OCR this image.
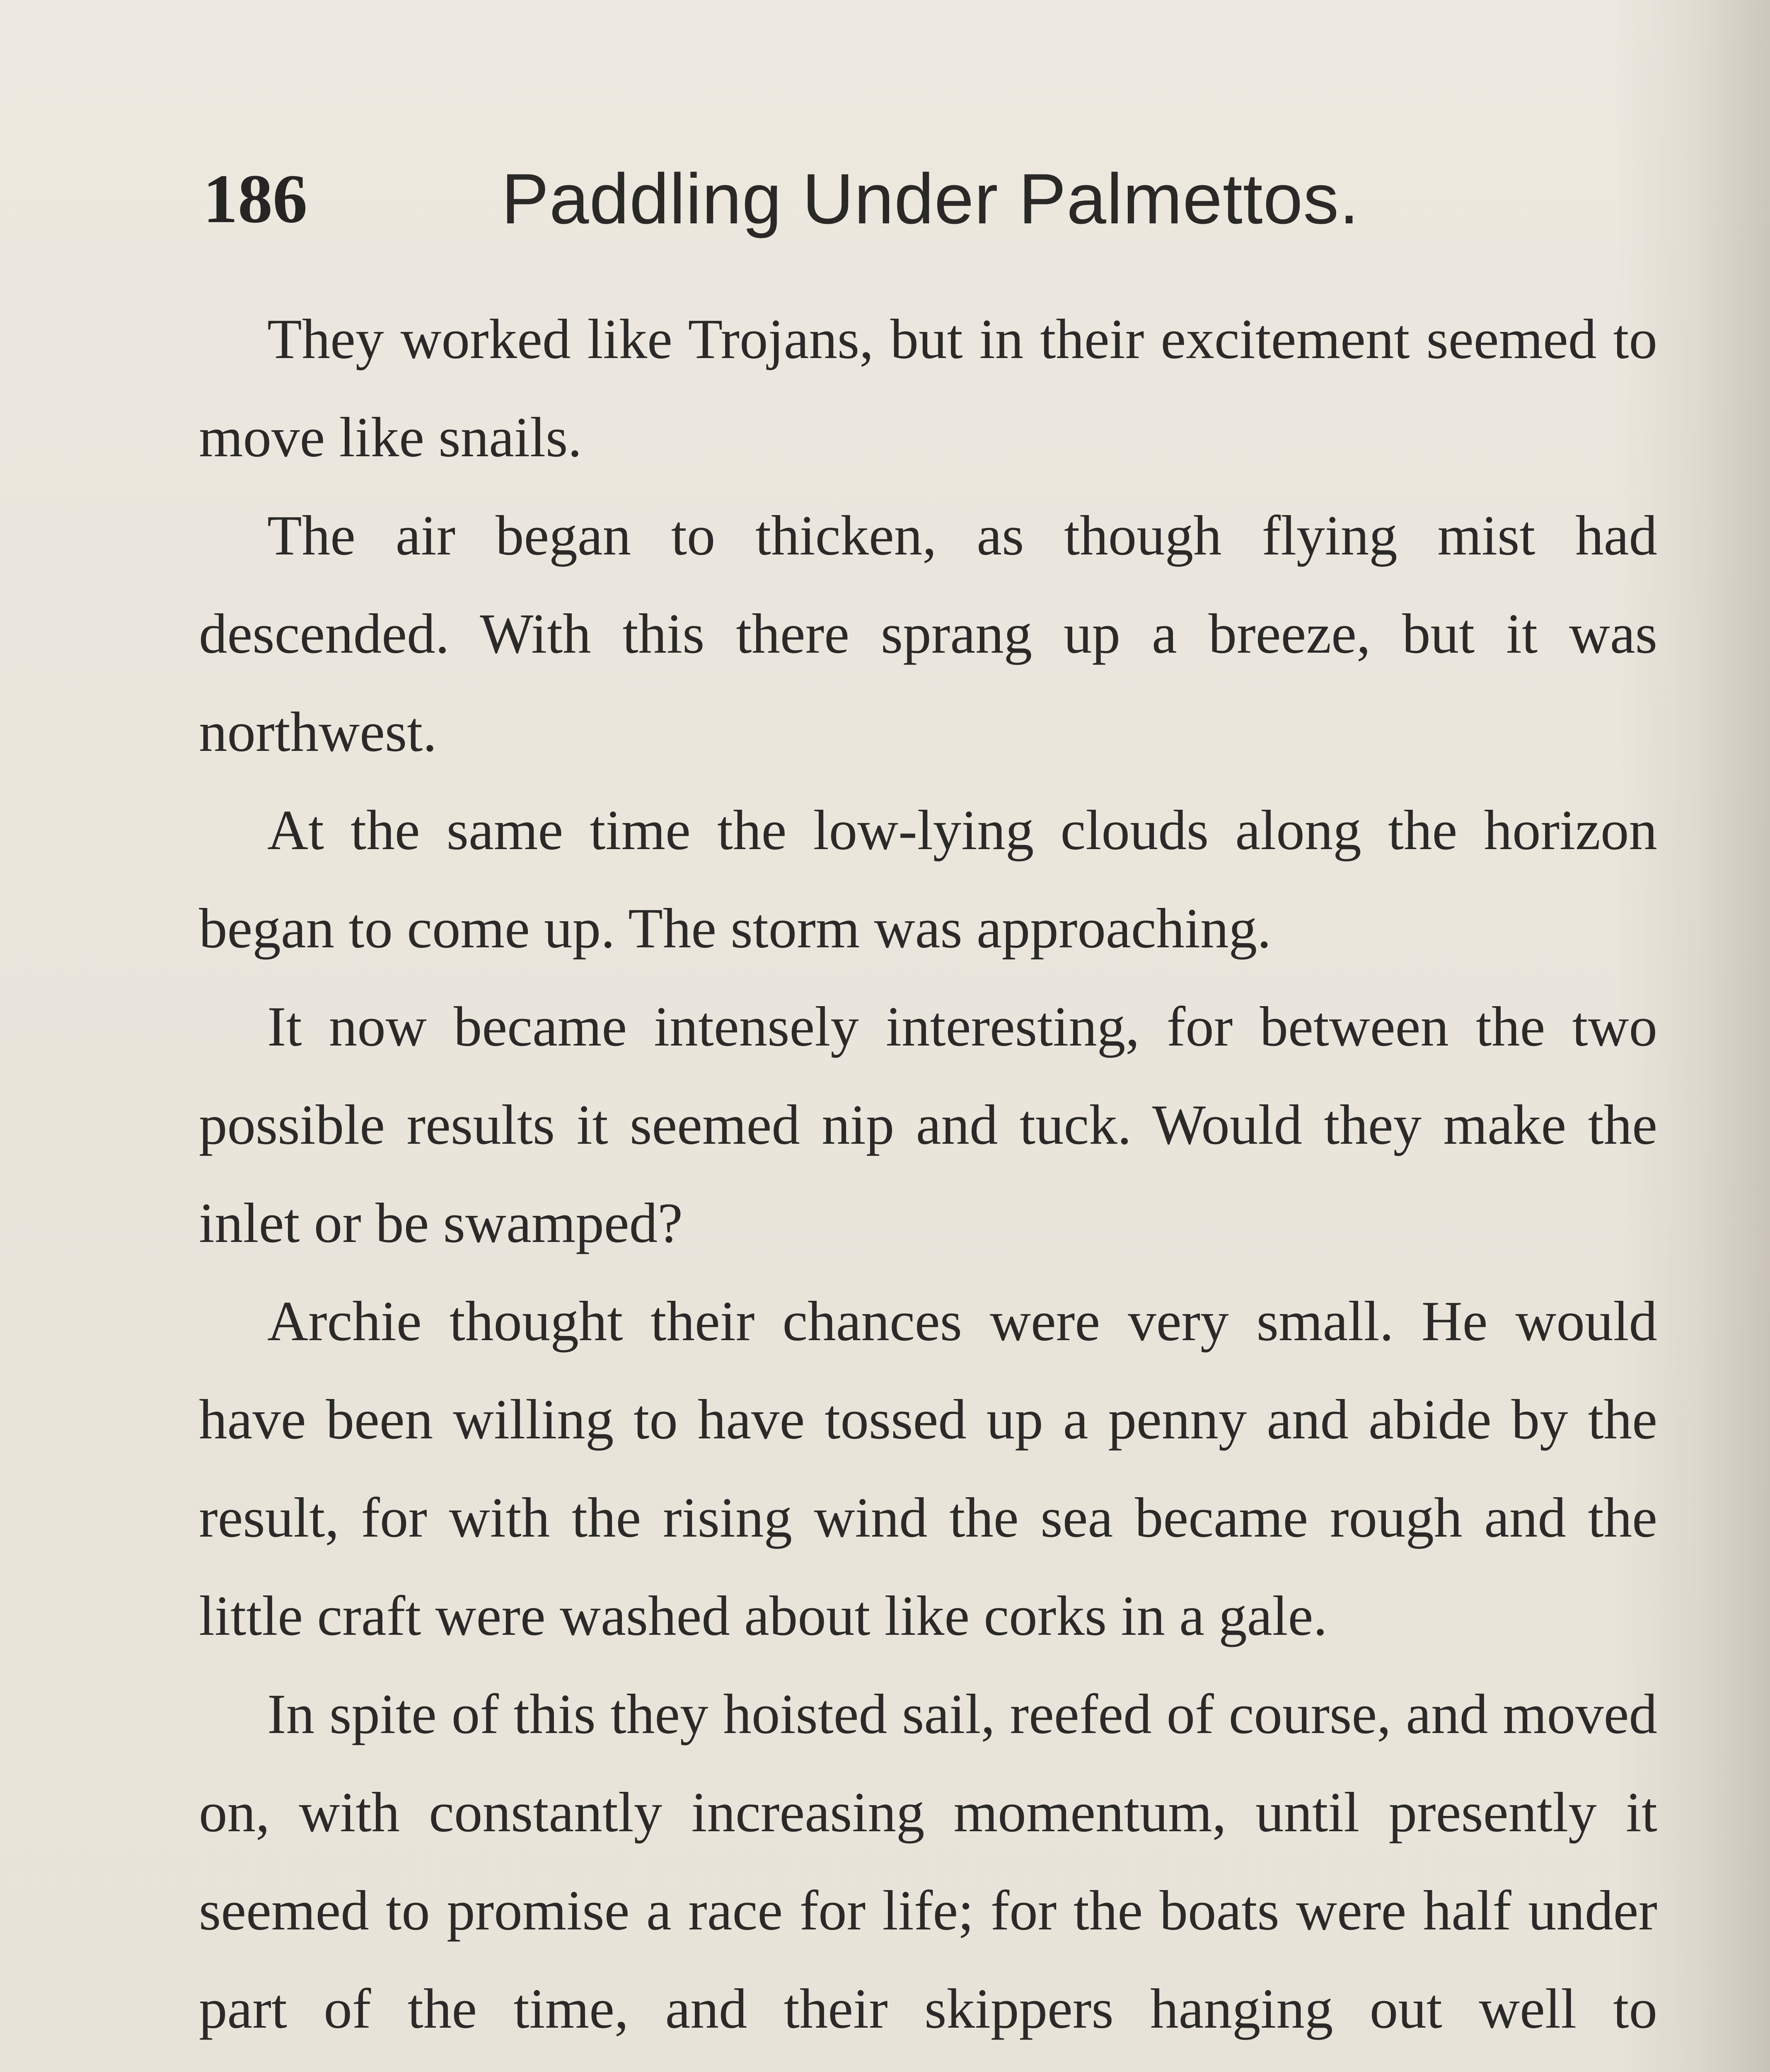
186	Paddling Under Palmettos.

They worked like Trojans, but in their excitement seemed to move like snails.

The air began to thicken, as though flying mist had descended. With this there sprang up a breeze, but it was northwest.

At the same time the low-lying clouds along the horizon began to come up. The storm was approaching.

It now became intensely interesting, for between the two possible results it seemed nip and tuck. Would they make the inlet or be swamped?

Archie thought their chances were very small. He would have been willing to have tossed up a penny and abide by the result, for with the rising wind the sea became rough and the little craft were washed about like corks in a gale.

In spite of this they hoisted sail, reefed of course, and moved on, with constantly increasing momentum, until presently it seemed to promise a race for life; for the boats were half under part of the time, and their skippers hanging out well to
